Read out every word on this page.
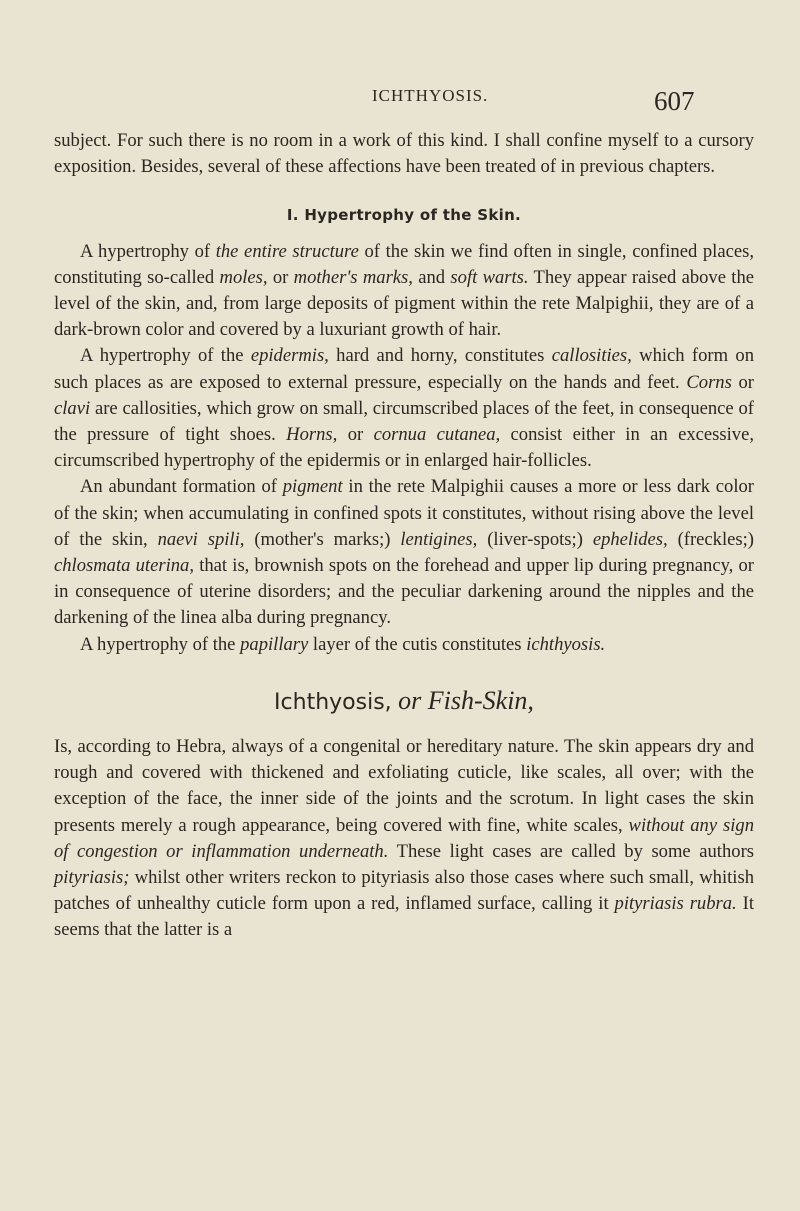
ICHTHYOSIS.	607

subject. For such there is no room in a work of this kind. I shall confine myself to a cursory exposition. Besides, several of these affections have been treated of in previous chapters.

I. Hypertrophy of the Skin.

A hypertrophy of the entire structure of the skin we find often in single, confined places, constituting so-called moles, or mother's marks, and soft warts. They appear raised above the level of the skin, and, from large deposits of pigment within the rete Malpighii, they are of a dark-brown color and covered by a luxuriant growth of hair.

A hypertrophy of the epidermis, hard and horny, constitutes callosities, which form on such places as are exposed to external pressure, especially on the hands and feet. Corns or clavi are callosities, which grow on small, circumscribed places of the feet, in consequence of the pressure of tight shoes. Horns, or cornua cutanea, consist either in an excessive, circumscribed hypertrophy of the epidermis or in enlarged hair-follicles.

An abundant formation of pigment in the rete Malpighii causes a more or less dark color of the skin; when accumulating in confined spots it constitutes, without rising above the level of the skin, naevi spili, (mother's marks;) lentigines, (liver-spots;) ephelides, (freckles;) chlosmata uterina, that is, brownish spots on the forehead and upper lip during pregnancy, or in consequence of uterine disorders; and the peculiar darkening around the nipples and the darkening of the linea alba during pregnancy.

A hypertrophy of the papillary layer of the cutis constitutes ichthyosis.

Ichthyosis, or Fish-Skin,

Is, according to Hebra, always of a congenital or hereditary nature. The skin appears dry and rough and covered with thickened and exfoliating cuticle, like scales, all over; with the exception of the face, the inner side of the joints and the scrotum. In light cases the skin presents merely a rough appearance, being covered with fine, white scales, without any sign of congestion or inflammation underneath. These light cases are called by some authors pityriasis; whilst other writers reckon to pityriasis also those cases where such small, whitish patches of unhealthy cuticle form upon a red, inflamed surface, calling it pityriasis rubra. It seems that the latter is a
